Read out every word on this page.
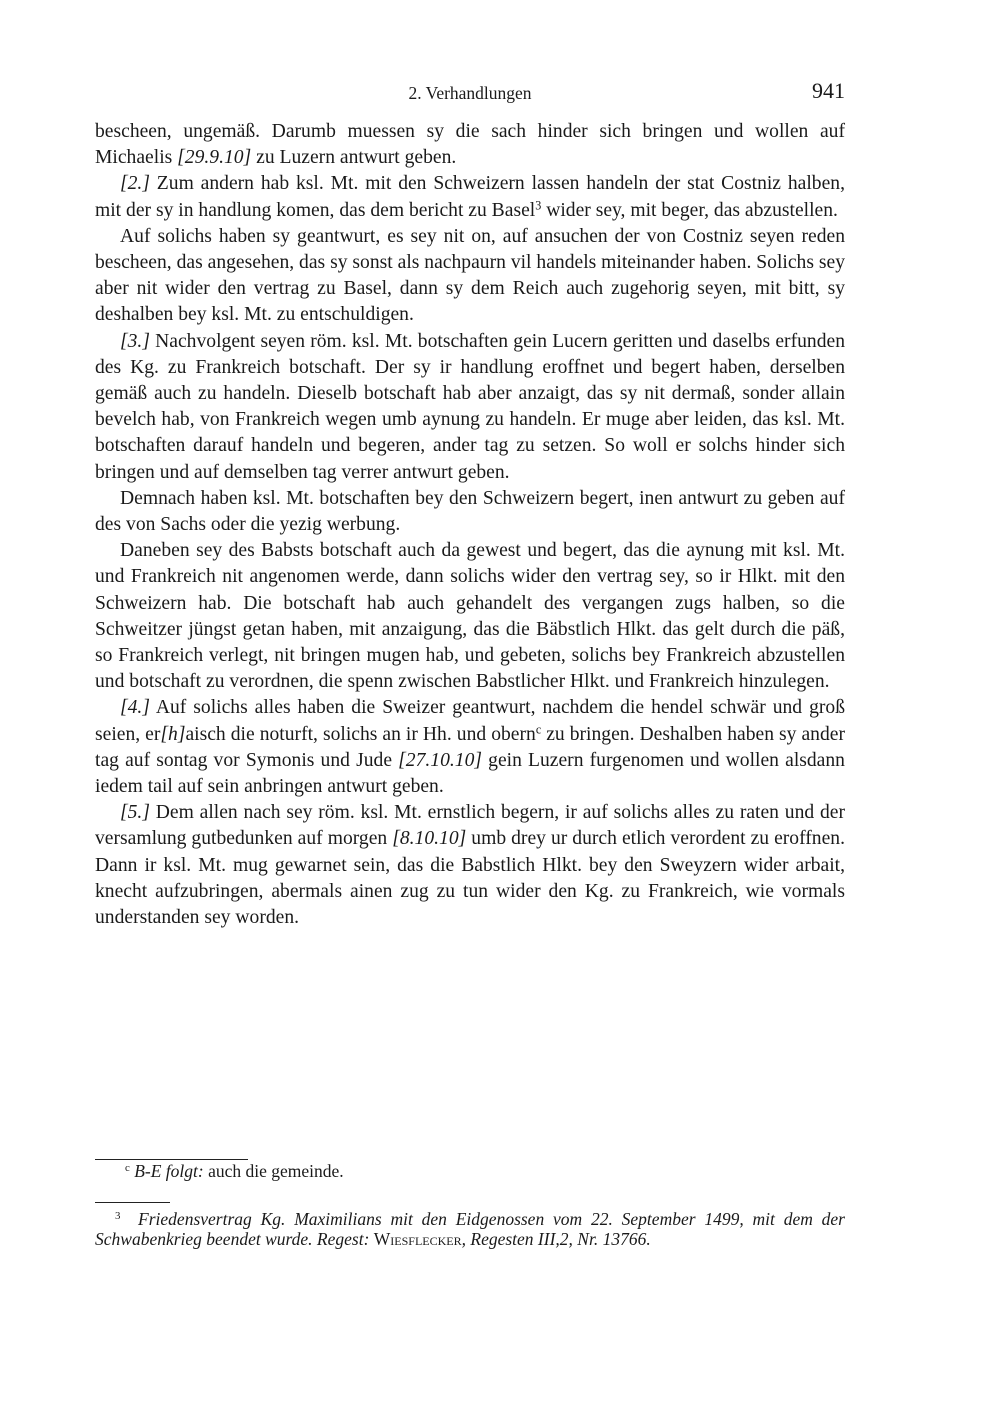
2. Verhandlungen	941

bescheen, ungemäß. Darumb muessen sy die sach hinder sich bringen und wollen auf Michaelis [29.9.10] zu Luzern antwurt geben.

[2.] Zum andern hab ksl. Mt. mit den Schweizern lassen handeln der stat Costniz halben, mit der sy in handlung komen, das dem bericht zu Basel$^3$ wider sey, mit beger, das abzustellen.

Auf solichs haben sy geantwurt, es sey nit on, auf ansuchen der von Costniz seyen reden bescheen, das angesehen, das sy sonst als nachpaurn vil handels miteinander haben. Solichs sey aber nit wider den vertrag zu Basel, dann sy dem Reich auch zugehorig seyen, mit bitt, sy deshalben bey ksl. Mt. zu entschuldigen.

[3.] Nachvolgent seyen röm. ksl. Mt. botschaften gein Lucern geritten und daselbs erfunden des Kg. zu Frankreich botschaft. Der sy ir handlung eroffnet und begert haben, derselben gemäß auch zu handeln. Dieselb botschaft hab aber anzaigt, das sy nit dermaß, sonder allain bevelch hab, von Frankreich wegen umb aynung zu handeln. Er muge aber leiden, das ksl. Mt. botschaften darauf handeln und begeren, ander tag zu setzen. So woll er solchs hinder sich bringen und auf demselben tag verrer antwurt geben.

Demnach haben ksl. Mt. botschaften bey den Schweizern begert, inen antwurt zu geben auf des von Sachs oder die yezig werbung.

Daneben sey des Babsts botschaft auch da gewest und begert, das die aynung mit ksl. Mt. und Frankreich nit angenomen werde, dann solichs wider den vertrag sey, so ir Hlkt. mit den Schweizern hab. Die botschaft hab auch gehandelt des vergangen zugs halben, so die Schweitzer jüngst getan haben, mit anzaigung, das die Bäbstlich Hlkt. das gelt durch die päß, so Frankreich verlegt, nit bringen mugen hab, und gebeten, solichs bey Frankreich abzustellen und botschaft zu verordnen, die spenn zwischen Babstlicher Hlkt. und Frankreich hinzulegen.

[4.] Auf solichs alles haben die Sweizer geantwurt, nachdem die hendel schwär und groß seien, er[h]aisch die noturft, solichs an ir Hh. und obern$^c$ zu bringen. Deshalben haben sy ander tag auf sontag vor Symonis und Jude [27.10.10] gein Luzern furgenomen und wollen alsdann iedem tail auf sein anbringen antwurt geben.

[5.] Dem allen nach sey röm. ksl. Mt. ernstlich begern, ir auf solichs alles zu raten und der versamlung gutbedunken auf morgen [8.10.10] umb drey ur durch etlich verordent zu eroffnen. Dann ir ksl. Mt. mug gewarnet sein, das die Babstlich Hlkt. bey den Sweyzern wider arbait, knecht aufzubringen, abermals ainen zug zu tun wider den Kg. zu Frankreich, wie vormals understanden sey worden.

$^c$ B-E folgt: auch die gemeinde.
$^3$ Friedensvertrag Kg. Maximilians mit den Eidgenossen vom 22. September 1499, mit dem der Schwabenkrieg beendet wurde. Regest: Wiesflecker, Regesten III,2, Nr. 13766.
